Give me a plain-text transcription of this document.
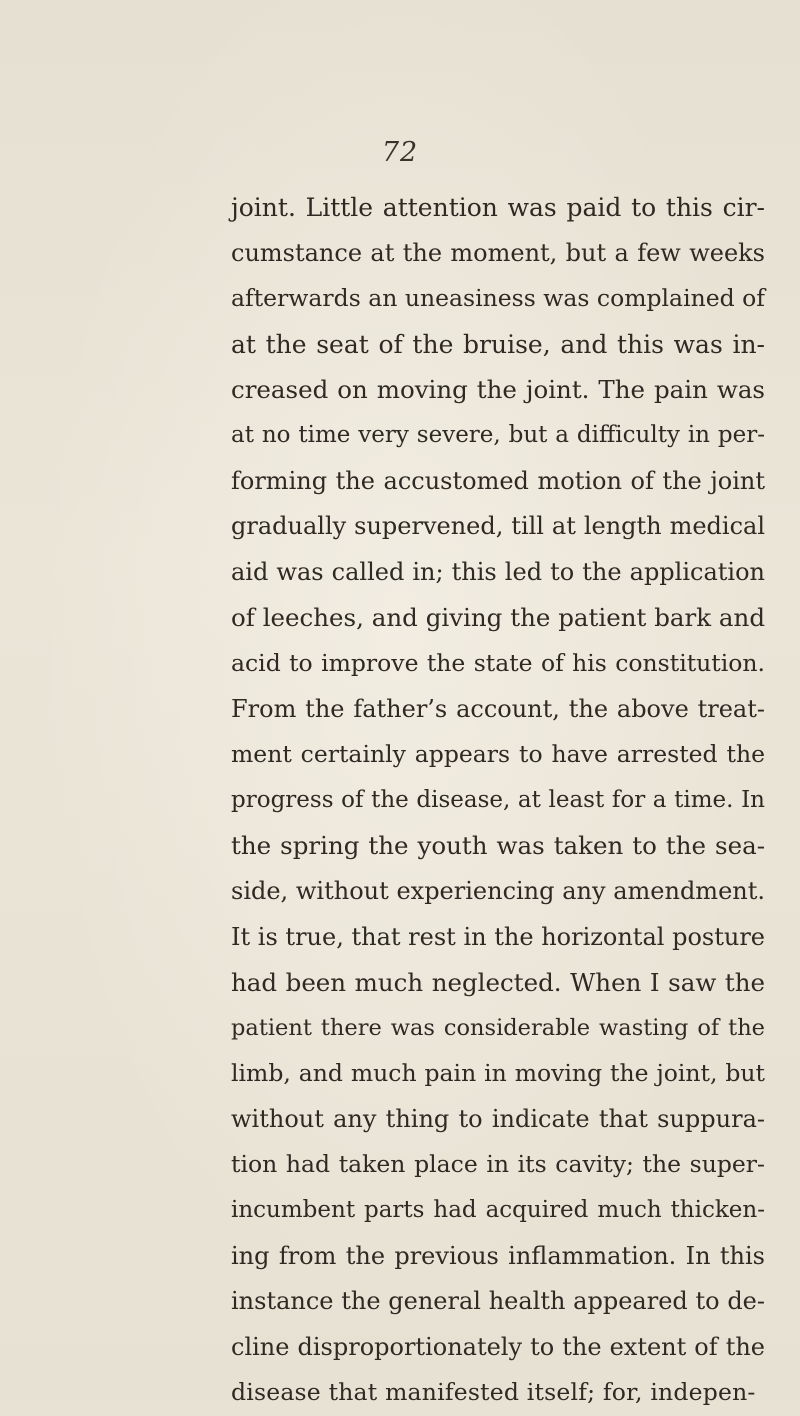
72
joint. Little attention was paid to this cir-
cumstance at the moment, but a few weeks
afterwards an uneasiness was complained of
at the seat of the bruise, and this was in-
creased on moving the joint. The pain was
at no time very severe, but a difficulty in per-
forming the accustomed motion of the joint
gradually supervened, till at length medical
aid was called in; this led to the application
of leeches, and giving the patient bark and
acid to improve the state of his constitution.
From the father’s account, the above treat-
ment certainly appears to have arrested the
progress of the disease, at least for a time. In
the spring the youth was taken to the sea-
side, without experiencing any amendment.
It is true, that rest in the horizontal posture
had been much neglected. When I saw the
patient there was considerable wasting of the
limb, and much pain in moving the joint, but
without any thing to indicate that suppura-
tion had taken place in its cavity; the super-
incumbent parts had acquired much thicken-
ing from the previous inflammation. In this
instance the general health appeared to de-
cline disproportionately to the extent of the
disease that manifested itself; for, indepen-
